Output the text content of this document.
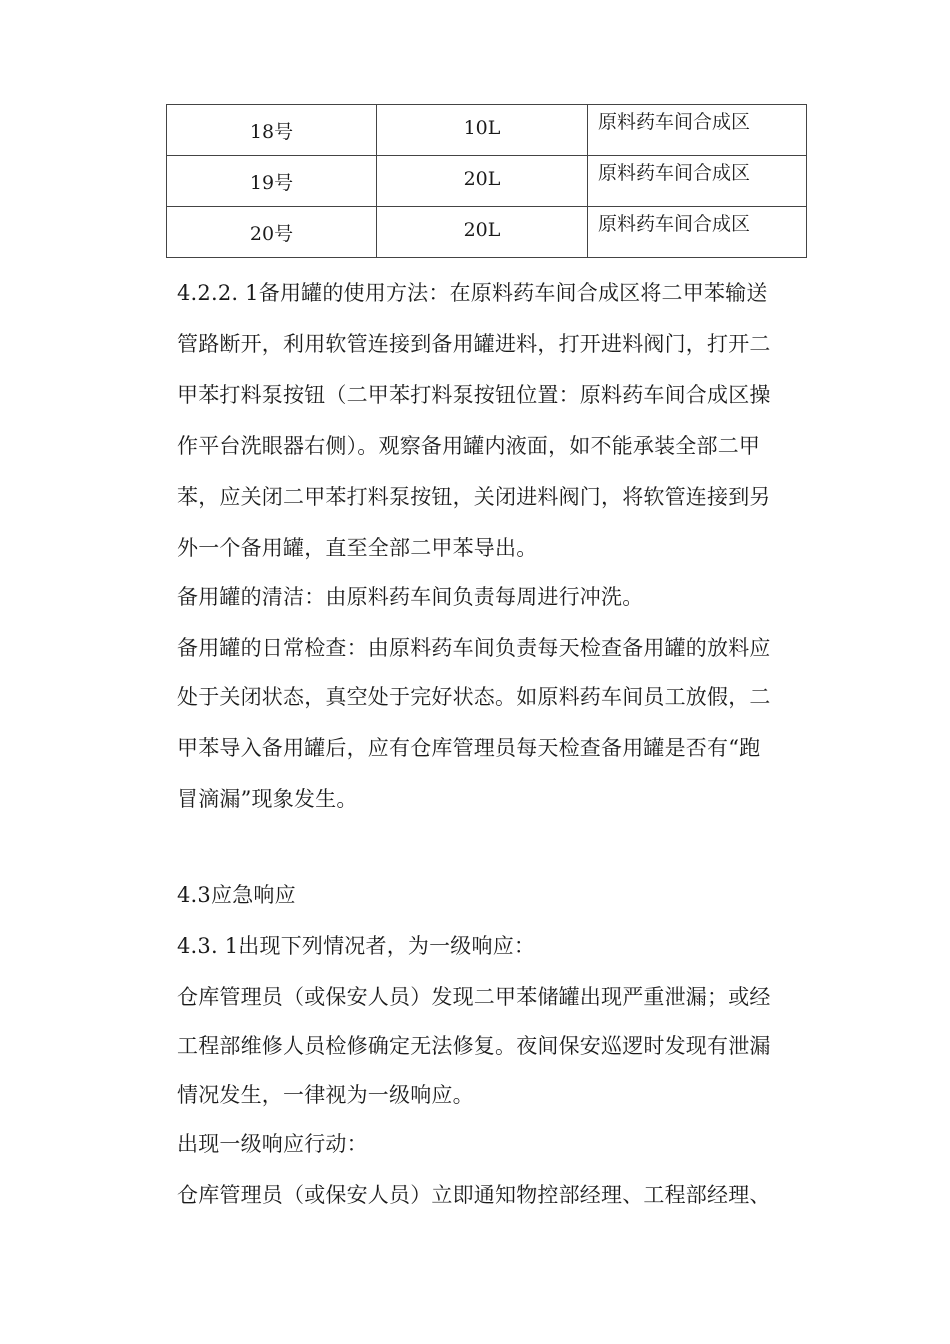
18号	10L	原料药车间合成区

19号	20L	原料药车间合成区

20号	20L	原料药车间合成区
4.2.2. 1备用罐的使用方法：在原料药车间合成区将二甲苯输送
管路断开，利用软管连接到备用罐进料，打开进料阀门，打开二
甲苯打料泵按钮（二甲苯打料泵按钮位置：原料药车间合成区操
作平台洗眼器右侧）。观察备用罐内液面，如不能承装全部二甲
苯，应关闭二甲苯打料泵按钮，关闭进料阀门，将软管连接到另
外一个备用罐，直至全部二甲苯导出。
备用罐的清洁：由原料药车间负责每周进行冲洗。
备用罐的日常检查：由原料药车间负责每天检查备用罐的放料应
处于关闭状态，真空处于完好状态。如原料药车间员工放假，二
甲苯导入备用罐后，应有仓库管理员每天检查备用罐是否有“跑
冒滴漏”现象发生。
4.3应急响应
4.3. 1出现下列情况者，为一级响应：
仓库管理员（或保安人员）发现二甲苯储罐出现严重泄漏；或经
工程部维修人员检修确定无法修复。夜间保安巡逻时发现有泄漏
情况发生，一律视为一级响应。
出现一级响应行动：
仓库管理员（或保安人员）立即通知物控部经理、工程部经理、
